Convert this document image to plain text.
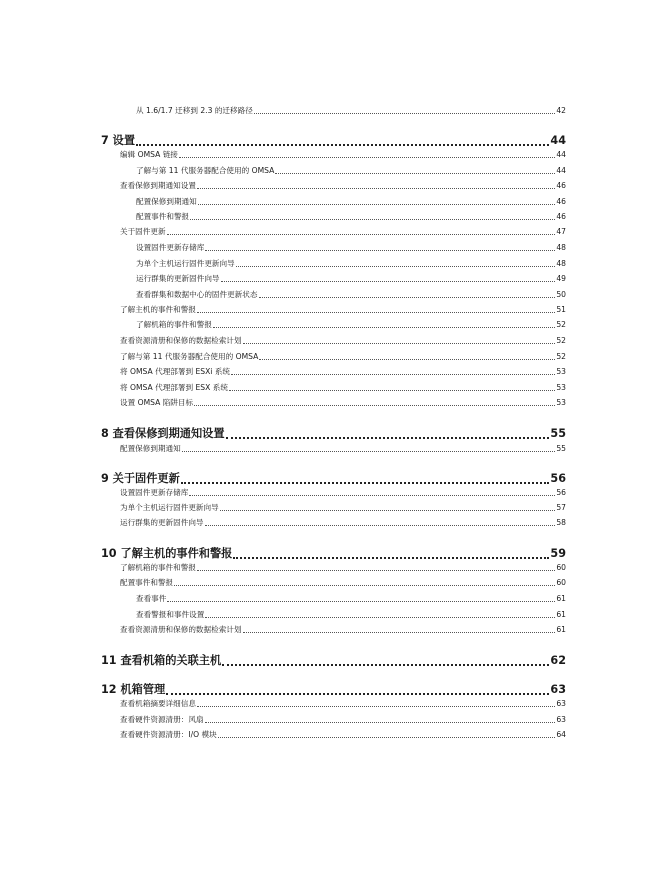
从 1.6/1.7 迁移到 2.3 的迁移路径	42
7 设置	44
编辑 OMSA 链接	44
了解与第 11 代服务器配合使用的 OMSA	44
查看保修到期通知设置	46
配置保修到期通知	46
配置事件和警报	46
关于固件更新	47
设置固件更新存储库	48
为单个主机运行固件更新向导	48
运行群集的更新固件向导	49
查看群集和数据中心的固件更新状态	50
了解主机的事件和警报	51
了解机箱的事件和警报	52
查看资源清册和保修的数据检索计划	52
了解与第 11 代服务器配合使用的 OMSA	52
将 OMSA 代理部署到 ESXi 系统	53
将 OMSA 代理部署到 ESX 系统	53
设置 OMSA 陷阱目标	53
8 查看保修到期通知设置	55
配置保修到期通知	55
9 关于固件更新	56
设置固件更新存储库	56
为单个主机运行固件更新向导	57
运行群集的更新固件向导	58
10 了解主机的事件和警报	59
了解机箱的事件和警报	60
配置事件和警报	60
查看事件	61
查看警报和事件设置	61
查看资源清册和保修的数据检索计划	61
11 查看机箱的关联主机	62
12 机箱管理	63
查看机箱摘要详细信息	63
查看硬件资源清册：风扇	63
查看硬件资源清册：I/O 模块	64
